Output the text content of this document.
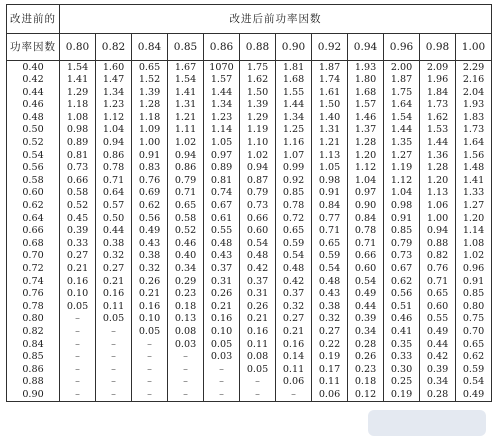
改进前的	改进后前功率因数											
功率因数	0.80	0.82	0.84	0.85	0.86	0.88	0.90	0.92	0.94	0.96	0.98	1.00
0.40	1.54	1.60	0.65	1.67	1070	1.75	1.81	1.87	1.93	2.00	2.09	2.29
0.42	1.41	1.47	1.52	1.54	1.57	1.62	1.68	1.74	1.80	1.87	1.96	2.16
0.44	1.29	1.34	1.39	1.41	1.44	1.50	1.55	1.61	1.68	1.75	1.84	2.04
0.46	1.18	1.23	1.28	1.31	1.34	1.39	1.44	1.50	1.57	1.64	1.73	1.93
0.48	1.08	1.12	1.18	1.21	1.23	1.29	1.34	1.40	1.46	1.54	1.62	1.83
0.50	0.98	1.04	1.09	1.11	1.14	1.19	1.25	1.31	1.37	1.44	1.53	1.73
0.52	0.89	0.94	1.00	1.02	1.05	1.10	1.16	1.21	1.28	1.35	1.44	1.64
0.54	0.81	0.86	0.91	0.94	0.97	1.02	1.07	1.13	1.20	1.27	1.36	1.56
0.56	0.73	0.78	0.83	0.86	0.89	0.94	0.99	1.05	1.12	1.19	1.28	1.48
0.58	0.66	0.71	0.76	0.79	0.81	0.87	0.92	0.98	1.04	1.12	1.20	1.41
0.60	0.58	0.64	0.69	0.71	0.74	0.79	0.85	0.91	0.97	1.04	1.13	1.33
0.62	0.52	0.57	0.62	0.65	0.67	0.73	0.78	0.84	0.90	0.98	1.06	1.27
0.64	0.45	0.50	0.56	0.58	0.61	0.66	0.72	0.77	0.84	0.91	1.00	1.20
0.66	0.39	0.44	0.49	0.52	0.55	0.60	0.65	0.71	0.78	0.85	0.94	1.14
0.68	0.33	0.38	0.43	0.46	0.48	0.54	0.59	0.65	0.71	0.79	0.88	1.08
0.70	0.27	0.32	0.38	0.40	0.43	0.48	0.54	0.59	0.66	0.73	0.82	1.02
0.72	0.21	0.27	0.32	0.34	0.37	0.42	0.48	0.54	0.60	0.67	0.76	0.96
0.74	0.16	0.21	0.26	0.29	0.31	0.37	0.42	0.48	0.54	0.62	0.71	0.91
0.76	0.10	0.16	0.21	0.23	0.26	0.31	0.37	0.43	0.49	0.56	0.65	0.85
0.78	0.05	0.11	0.16	0.18	0.21	0.26	0.32	0.38	0.44	0.51	0.60	0.80
0.80	–	0.05	0.10	0.13	0.16	0.21	0.27	0.32	0.39	0.46	0.55	0.75
0.82	–	–	0.05	0.08	0.10	0.16	0.21	0.27	0.34	0.41	0.49	0.70
0.84	–	–	–	0.03	0.05	0.11	0.16	0.22	0.28	0.35	0.44	0.65
0.85	–	–	–	–	0.03	0.08	0.14	0.19	0.26	0.33	0.42	0.62
0.86	–	–	–	–	–	0.05	0.11	0.17	0.23	0.30	0.39	0.59
0.88	–	–	–	–	–	–	0.06	0.11	0.18	0.25	0.34	0.54
0.90	–	–	–	–	–	–	–	0.06	0.12	0.19	0.28	0.49
